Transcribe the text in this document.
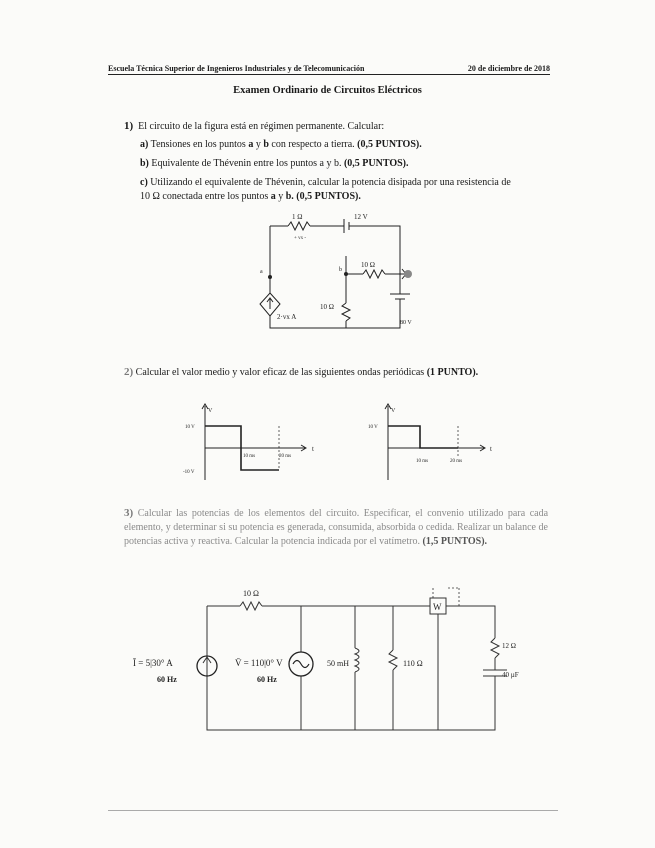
Escuela Técnica Superior de Ingenieros Industriales y de Telecomunicación	20 de diciembre de 2018
Examen Ordinario de Circuitos Eléctricos
1) El circuito de la figura está en régimen permanente. Calcular:
a) Tensiones en los puntos a y b con respecto a tierra. (0,5 PUNTOS).
b) Equivalente de Thévenin entre los puntos a y b. (0,5 PUNTOS).
c) Utilizando el equivalente de Thévenin, calcular la potencia disipada por una resistencia de
10 Ω conectada entre los puntos a y b. (0,5 PUNTOS).
1 Ω
+ vx -
12 V
a	b
10 Ω
10 Ω
2·vx A
80 V
2) Calcular el valor medio y valor eficaz de las siguientes ondas periódicas (1 PUNTO).
V
10 V
-10 V
10 ms	20 ms
t
V
10 V
10 ms	20 ms
t
3) Calcular las potencias de los elementos del circuito. Especificar, el convenio utilizado para cada elemento, y determinar si su potencia es generada, consumida, absorbida o cedida. Realizar un balance de potencias activa y reactiva. Calcular la potencia indicada por el vatímetro. (1,5 PUNTOS).
10 Ω
Ī = 5|30° A
60 Hz
V̄ = 110|0° V
60 Hz
50 mH	110 Ω
W
12 Ω
40 µF
